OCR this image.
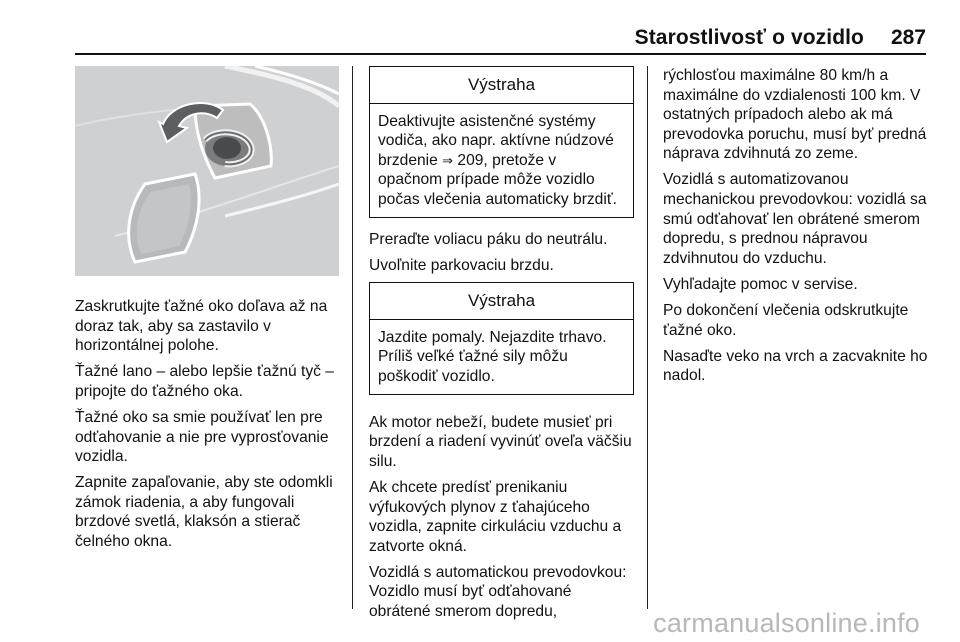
Starostlivosť o vozidlo 287

Zaskrutkujte ťažné oko doľava až na doraz tak, aby sa zastavilo v horizontálnej polohe.

Ťažné lano – alebo lepšie ťažnú tyč – pripojte do ťažného oka.

Ťažné oko sa smie používať len pre odťahovanie a nie pre vyprosťovanie vozidla.

Zapnite zapaľovanie, aby ste odomkli zámok riadenia, a aby fungovali brzdové svetlá, klaksón a stierač čelného okna.

Výstraha
Deaktivujte asistenčné systémy vodiča, ako napr. aktívne núdzové brzdenie ⇒ 209, pretože v opačnom prípade môže vozidlo počas vlečenia automaticky brzdiť.

Preraďte voliacu páku do neutrálu.

Uvoľnite parkovaciu brzdu.

Výstraha
Jazdite pomaly. Nejazdite trhavo. Príliš veľké ťažné sily môžu poškodiť vozidlo.

Ak motor nebeží, budete musieť pri brzdení a riadení vyvinúť oveľa väčšiu silu.

Ak chcete predísť prenikaniu výfukových plynov z ťahajúceho vozidla, zapnite cirkuláciu vzduchu a zatvorte okná.

Vozidlá s automatickou prevodovkou: Vozidlo musí byť odťahované obrátené smerom dopredu,

rýchlosťou maximálne 80 km/h a maximálne do vzdialenosti 100 km. V ostatných prípadoch alebo ak má prevodovka poruchu, musí byť predná náprava zdvihnutá zo zeme.

Vozidlá s automatizovanou mechanickou prevodovkou: vozidlá sa smú odťahovať len obrátené smerom dopredu, s prednou nápravou zdvihnutou do vzduchu.

Vyhľadajte pomoc v servise.

Po dokončení vlečenia odskrutkujte ťažné oko.

Nasaďte veko na vrch a zacvaknite ho nadol.

carmanualsonline.info
